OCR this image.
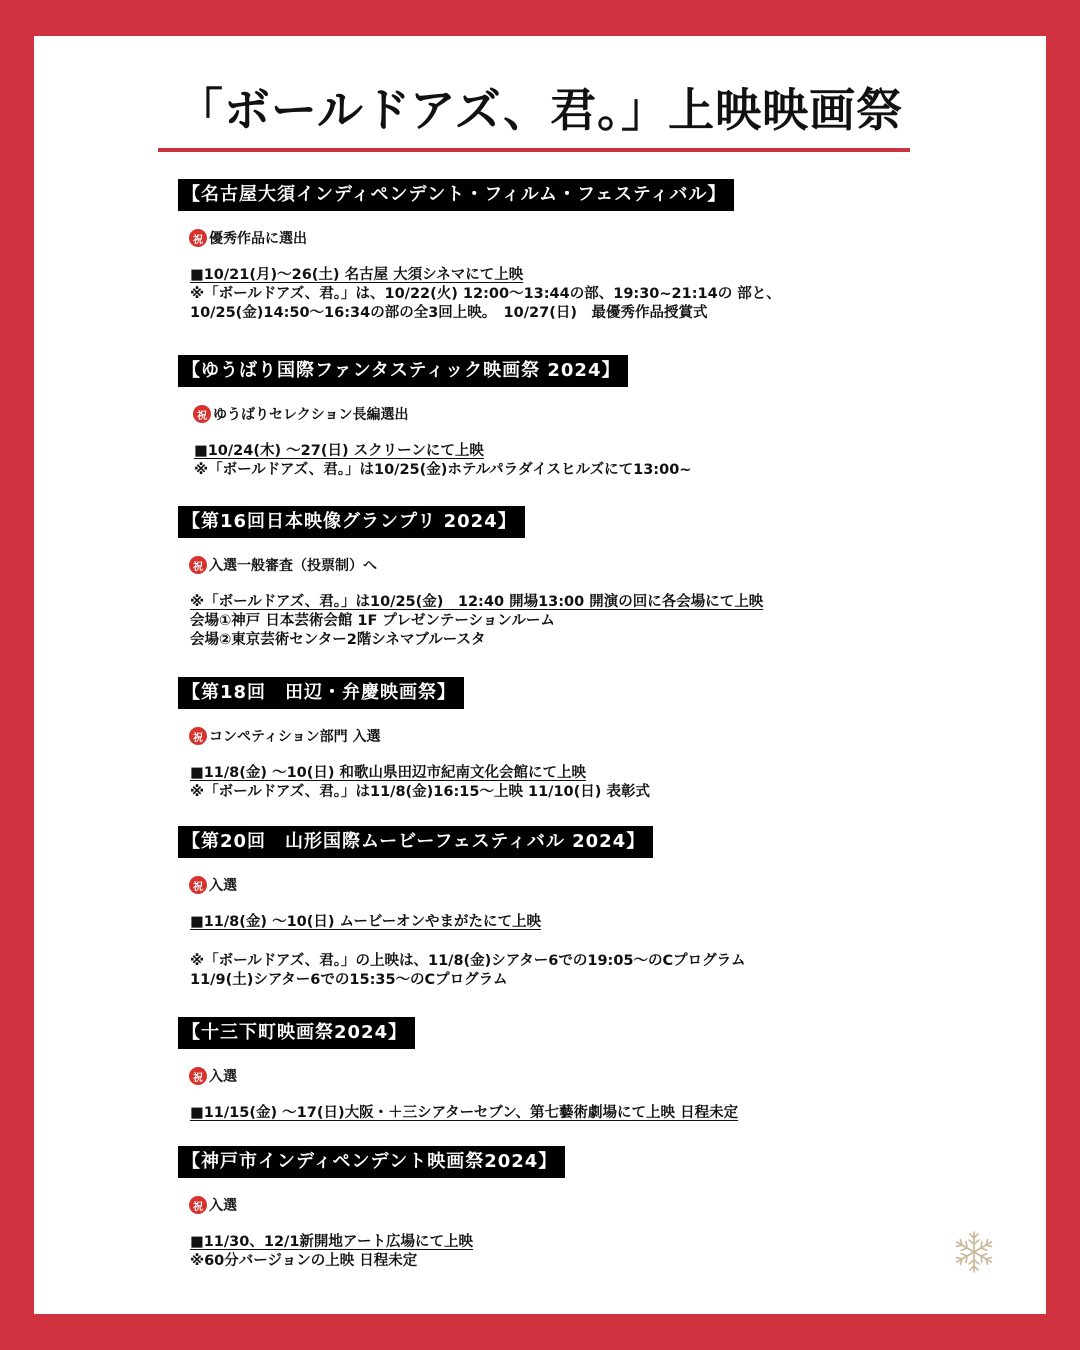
「ボールドアズ、君。」上映映画祭
【名古屋大須インディペンデント・フィルム・フェスティバル】
祝 優秀作品に選出
■10/21(月)～26(土) 名古屋 大須シネマにて上映
※「ボールドアズ、君。」は、10/22(火) 12:00～13:44の部、19:30~21:14の 部と、
10/25(金)14:50～16:34の部の全3回上映。　10/27(日)　最優秀作品授賞式
【ゆうばり国際ファンタスティック映画祭 2024】
祝 ゆうばりセレクション長編選出
■10/24(木) ～27(日) スクリーンにて上映
※「ボールドアズ、君。」は10/25(金)ホテルパラダイスヒルズにて13:00~
【第16回日本映像グランプリ 2024】
祝 入選一般審査（投票制）へ
※「ボールドアズ、君。」は10/25(金)　12:40 開場13:00 開演の回に各会場にて上映
会場①神戸 日本芸術会館 1F プレゼンテーションルーム
会場②東京芸術センター2階シネマブルースタ
【第18回　田辺・弁慶映画祭】
祝 コンペティション部門 入選
■11/8(金) ～10(日) 和歌山県田辺市紀南文化会館にて上映
※「ボールドアズ、君。」は11/8(金)16:15～上映 11/10(日) 表彰式
【第20回　山形国際ムービーフェスティバル 2024】
祝 入選
■11/8(金) ～10(日) ムービーオンやまがたにて上映
※「ボールドアズ、君。」の上映は、11/8(金)シアター6での19:05～のCプログラム
11/9(土)シアター6での15:35～のCプログラム
【十三下町映画祭2024】
祝 入選
■11/15(金) ～17(日)大阪・＋三シアターセブン、第七藝術劇場にて上映 日程未定
【神戸市インディペンデント映画祭2024】
祝 入選
■11/30、12/1新開地アート広場にて上映
※60分バージョンの上映 日程未定
